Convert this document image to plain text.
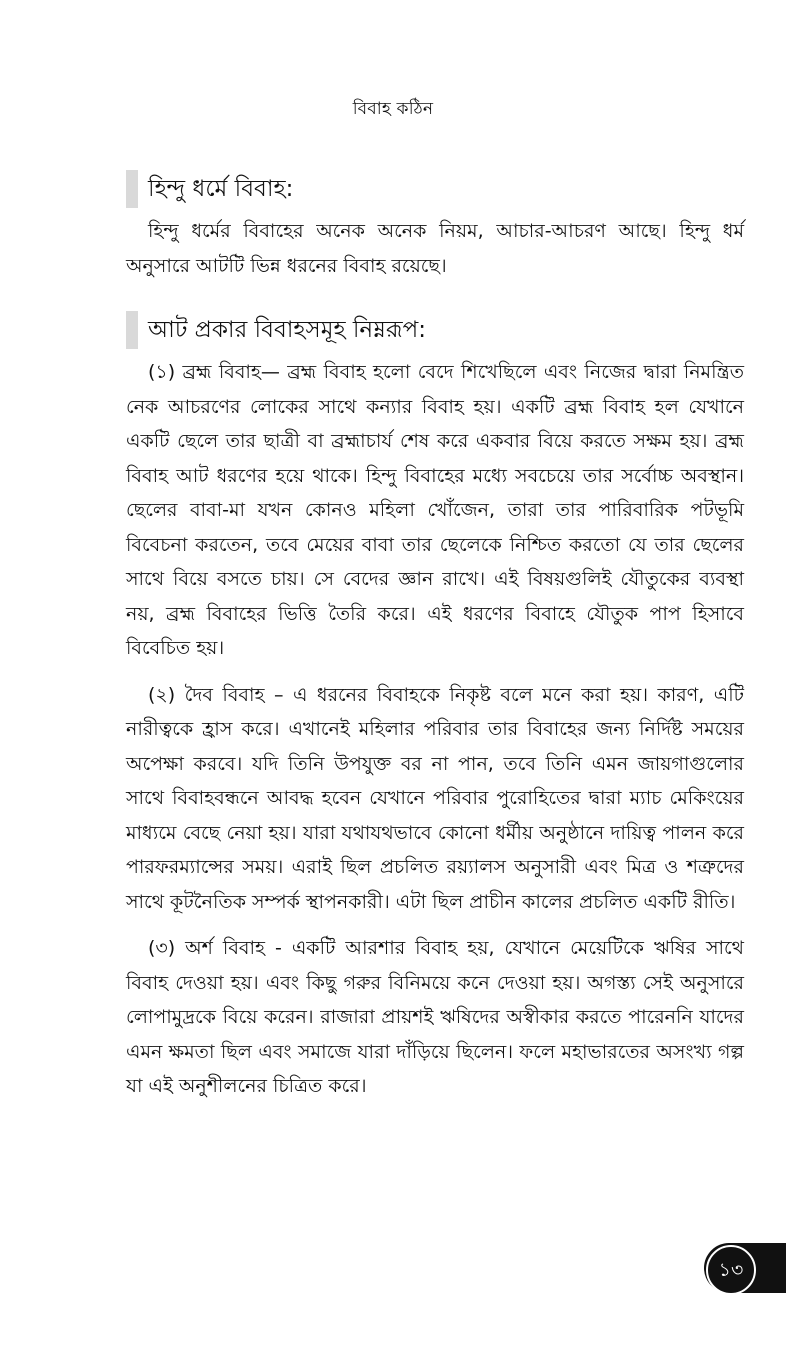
বিবাহ কঠিন
হিন্দু ধর্মে বিবাহ:

হিন্দু ধর্মের বিবাহের অনেক অনেক নিয়ম, আচার-আচরণ আছে। হিন্দু ধর্ম অনুসারে আটটি ভিন্ন ধরনের বিবাহ রয়েছে।

আট প্রকার বিবাহসমূহ নিম্নরূপ:

(১) ব্রহ্ম বিবাহ— ব্রহ্ম বিবাহ হলো বেদে শিখেছিলে এবং নিজের দ্বারা নিমন্ত্রিত নেক আচরণের লোকের সাথে কন্যার বিবাহ হয়। একটি ব্রহ্ম বিবাহ হল যেখানে একটি ছেলে তার ছাত্রী বা ব্রহ্মাচার্য শেষ করে একবার বিয়ে করতে সক্ষম হয়। ব্রহ্ম বিবাহ আট ধরণের হয়ে থাকে। হিন্দু বিবাহের মধ্যে সবচেয়ে তার সর্বোচ্চ অবস্থান। ছেলের বাবা-মা যখন কোনও মহিলা খোঁজেন, তারা তার পারিবারিক পটভূমি বিবেচনা করতেন, তবে মেয়ের বাবা তার ছেলেকে নিশ্চিত করতো যে তার ছেলের সাথে বিয়ে বসতে চায়। সে বেদের জ্ঞান রাখে। এই বিষয়গুলিই যৌতুকের ব্যবস্থা নয়, ব্রহ্ম বিবাহের ভিত্তি তৈরি করে। এই ধরণের বিবাহে যৌতুক পাপ হিসাবে বিবেচিত হয়।

(২) দৈব বিবাহ – এ ধরনের বিবাহকে নিকৃষ্ট বলে মনে করা হয়। কারণ, এটি নারীত্বকে হ্রাস করে। এখানেই মহিলার পরিবার তার বিবাহের জন্য নির্দিষ্ট সময়ের অপেক্ষা করবে। যদি তিনি উপযুক্ত বর না পান, তবে তিনি এমন জায়গাগুলোর সাথে বিবাহবন্ধনে আবদ্ধ হবেন যেখানে পরিবার পুরোহিতের দ্বারা ম্যাচ মেকিংয়ের মাধ্যমে বেছে নেয়া হয়। যারা যথাযথভাবে কোনো ধর্মীয় অনুষ্ঠানে দায়িত্ব পালন করে পারফরম্যান্সের সময়। এরাই ছিল প্রচলিত রয়্যালস অনুসারী এবং মিত্র ও শত্রুদের সাথে কূটনৈতিক সম্পর্ক স্থাপনকারী। এটা ছিল প্রাচীন কালের প্রচলিত একটি রীতি।

(৩) অর্শ বিবাহ - একটি আরশার বিবাহ হয়, যেখানে মেয়েটিকে ঋষির সাথে বিবাহ দেওয়া হয়। এবং কিছু গরুর বিনিময়ে কনে দেওয়া হয়। অগস্ত্য সেই অনুসারে লোপামুদ্রকে বিয়ে করেন। রাজারা প্রায়শই ঋষিদের অস্বীকার করতে পারেননি যাদের এমন ক্ষমতা ছিল এবং সমাজে যারা দাঁড়িয়ে ছিলেন। ফলে মহাভারতের অসংখ্য গল্প যা এই অনুশীলনের চিত্রিত করে।

১৩
